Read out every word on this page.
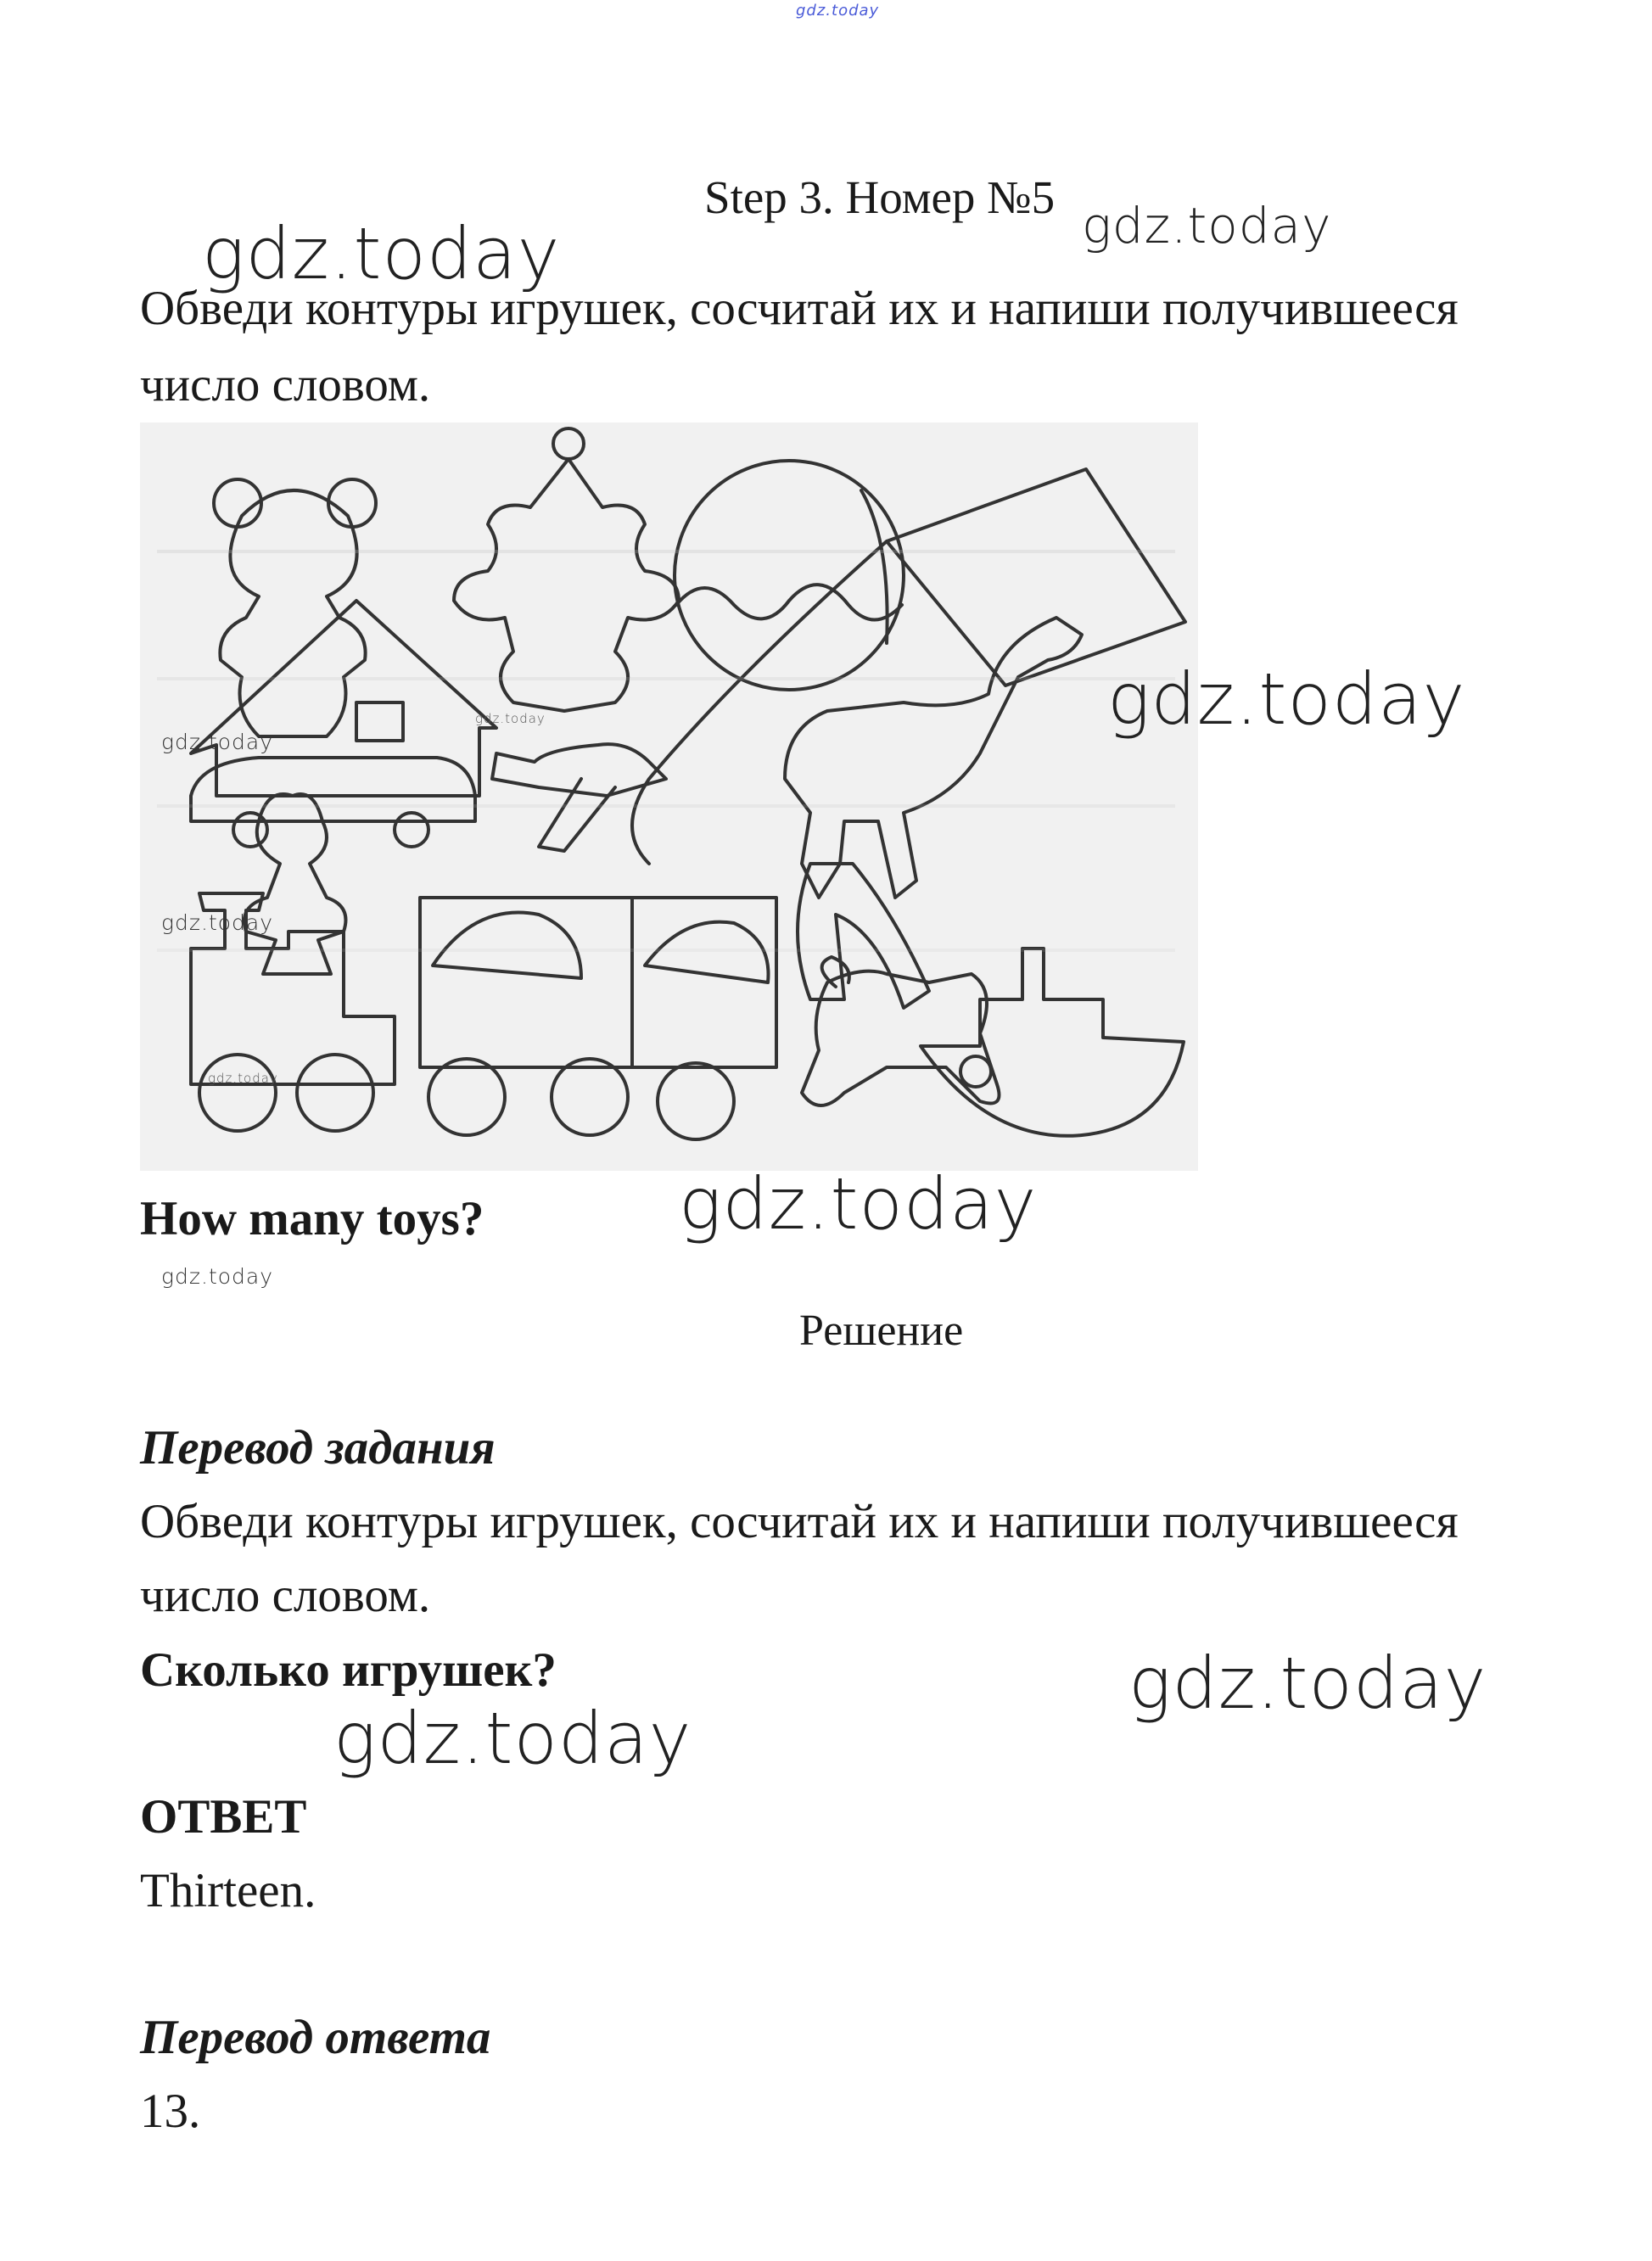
gdz.today
Step 3. Номер №5 gdz.today
gdz.today
Обведи контуры игрушек, сосчитай их и напиши получившееся
число словом.
gdz.today
gdz.today
gdz.today
gdz.today
gdz.today
How many toys?	gdz.today
gdz.today
Решение
Перевод задания
Обведи контуры игрушек, сосчитай их и напиши получившееся
число словом.
Сколько игрушек?	gdz.today
gdz.today
ОТВЕТ
Thirteen.
Перевод ответа
13.
